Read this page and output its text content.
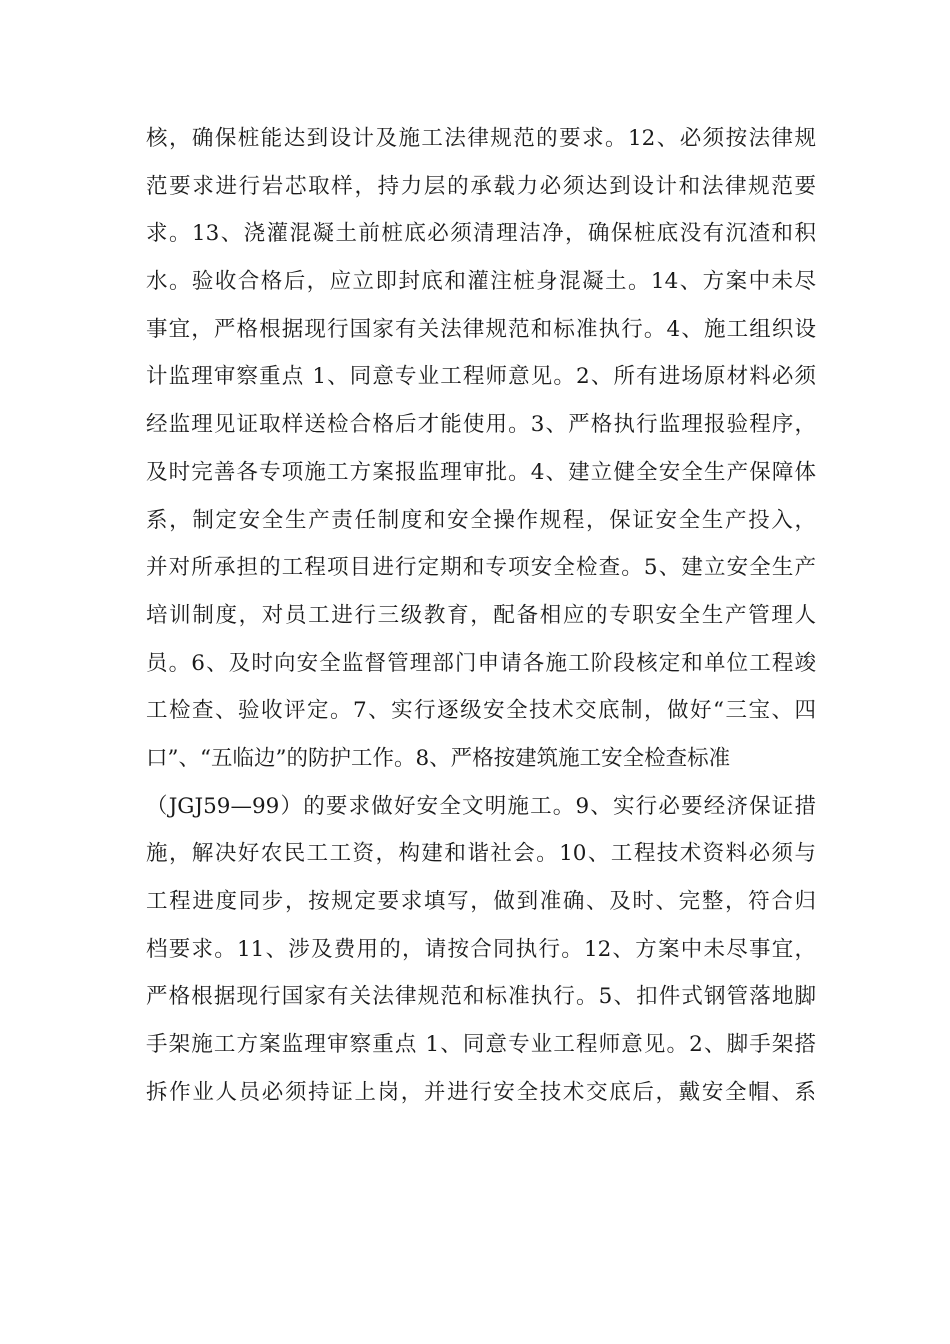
核，确保桩能达到设计及施工法律规范的要求。12、必须按法律规
范要求进行岩芯取样，持力层的承载力必须达到设计和法律规范要
求。13、浇灌混凝土前桩底必须清理洁净，确保桩底没有沉渣和积
水。验收合格后，应立即封底和灌注桩身混凝土。14、方案中未尽
事宜，严格根据现行国家有关法律规范和标准执行。4、施工组织设
计监理审察重点 1、同意专业工程师意见。2、所有进场原材料必须
经监理见证取样送检合格后才能使用。3、严格执行监理报验程序，
及时完善各专项施工方案报监理审批。4、建立健全安全生产保障体
系，制定安全生产责任制度和安全操作规程，保证安全生产投入，
并对所承担的工程项目进行定期和专项安全检查。5、建立安全生产
培训制度，对员工进行三级教育，配备相应的专职安全生产管理人
员。6、及时向安全监督管理部门申请各施工阶段核定和单位工程竣
工检查、验收评定。7、实行逐级安全技术交底制，做好“三宝、四
口”、“五临边”的防护工作。8、严格按建筑施工安全检查标准
（JGJ59—99）的要求做好安全文明施工。9、实行必要经济保证措
施，解决好农民工工资，构建和谐社会。10、工程技术资料必须与
工程进度同步，按规定要求填写，做到准确、及时、完整，符合归
档要求。11、涉及费用的，请按合同执行。12、方案中未尽事宜，
严格根据现行国家有关法律规范和标准执行。5、扣件式钢管落地脚
手架施工方案监理审察重点 1、同意专业工程师意见。2、脚手架搭
拆作业人员必须持证上岗，并进行安全技术交底后，戴安全帽、系
